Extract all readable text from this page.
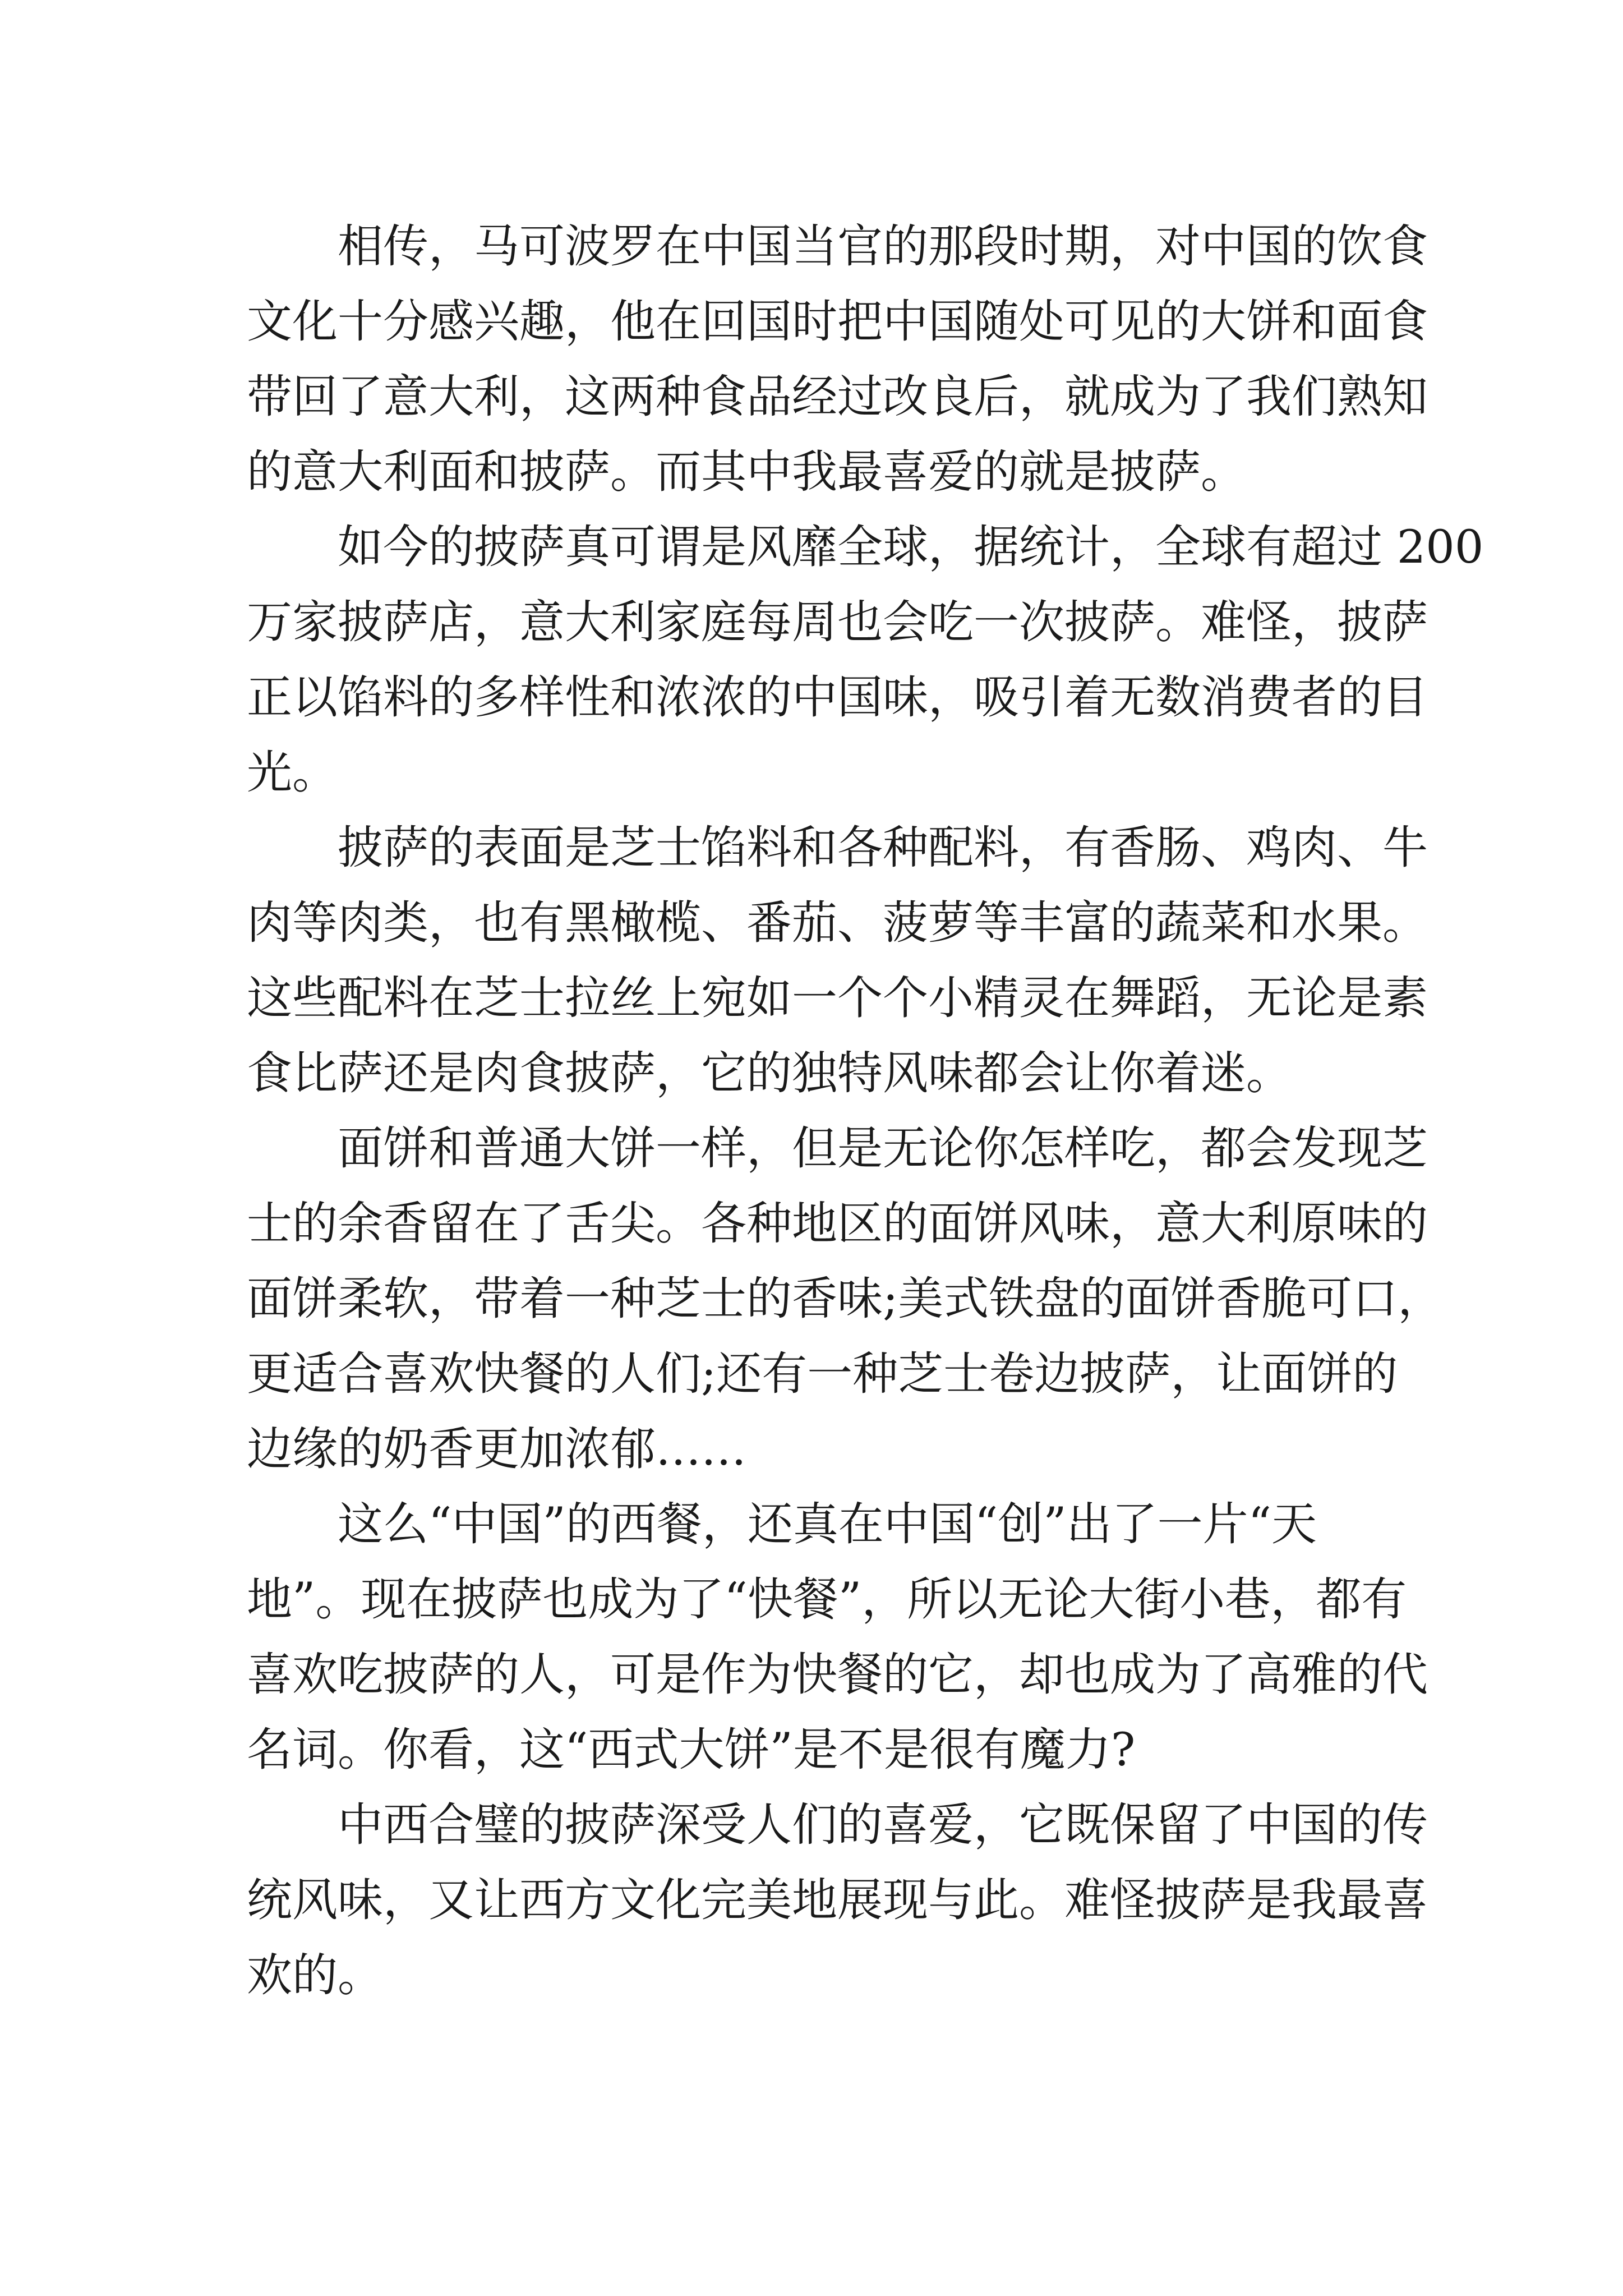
相传，马可波罗在中国当官的那段时期，对中国的饮食
文化十分感兴趣，他在回国时把中国随处可见的大饼和面食
带回了意大利，这两种食品经过改良后，就成为了我们熟知
的意大利面和披萨。而其中我最喜爱的就是披萨。
如今的披萨真可谓是风靡全球，据统计，全球有超过 200
万家披萨店，意大利家庭每周也会吃一次披萨。难怪，披萨
正以馅料的多样性和浓浓的中国味，吸引着无数消费者的目
光。
披萨的表面是芝士馅料和各种配料，有香肠、鸡肉、牛
肉等肉类，也有黑橄榄、番茄、菠萝等丰富的蔬菜和水果。
这些配料在芝士拉丝上宛如一个个小精灵在舞蹈，无论是素
食比萨还是肉食披萨，它的独特风味都会让你着迷。
面饼和普通大饼一样，但是无论你怎样吃，都会发现芝
士的余香留在了舌尖。各种地区的面饼风味，意大利原味的
面饼柔软，带着一种芝士的香味;美式铁盘的面饼香脆可口，
更适合喜欢快餐的人们;还有一种芝士卷边披萨，让面饼的
边缘的奶香更加浓郁……
这么“中国”的西餐，还真在中国“创”出了一片“天
地”。现在披萨也成为了“快餐”，所以无论大街小巷，都有
喜欢吃披萨的人，可是作为快餐的它，却也成为了高雅的代
名词。你看，这“西式大饼”是不是很有魔力?
中西合璧的披萨深受人们的喜爱，它既保留了中国的传
统风味，又让西方文化完美地展现与此。难怪披萨是我最喜
欢的。
